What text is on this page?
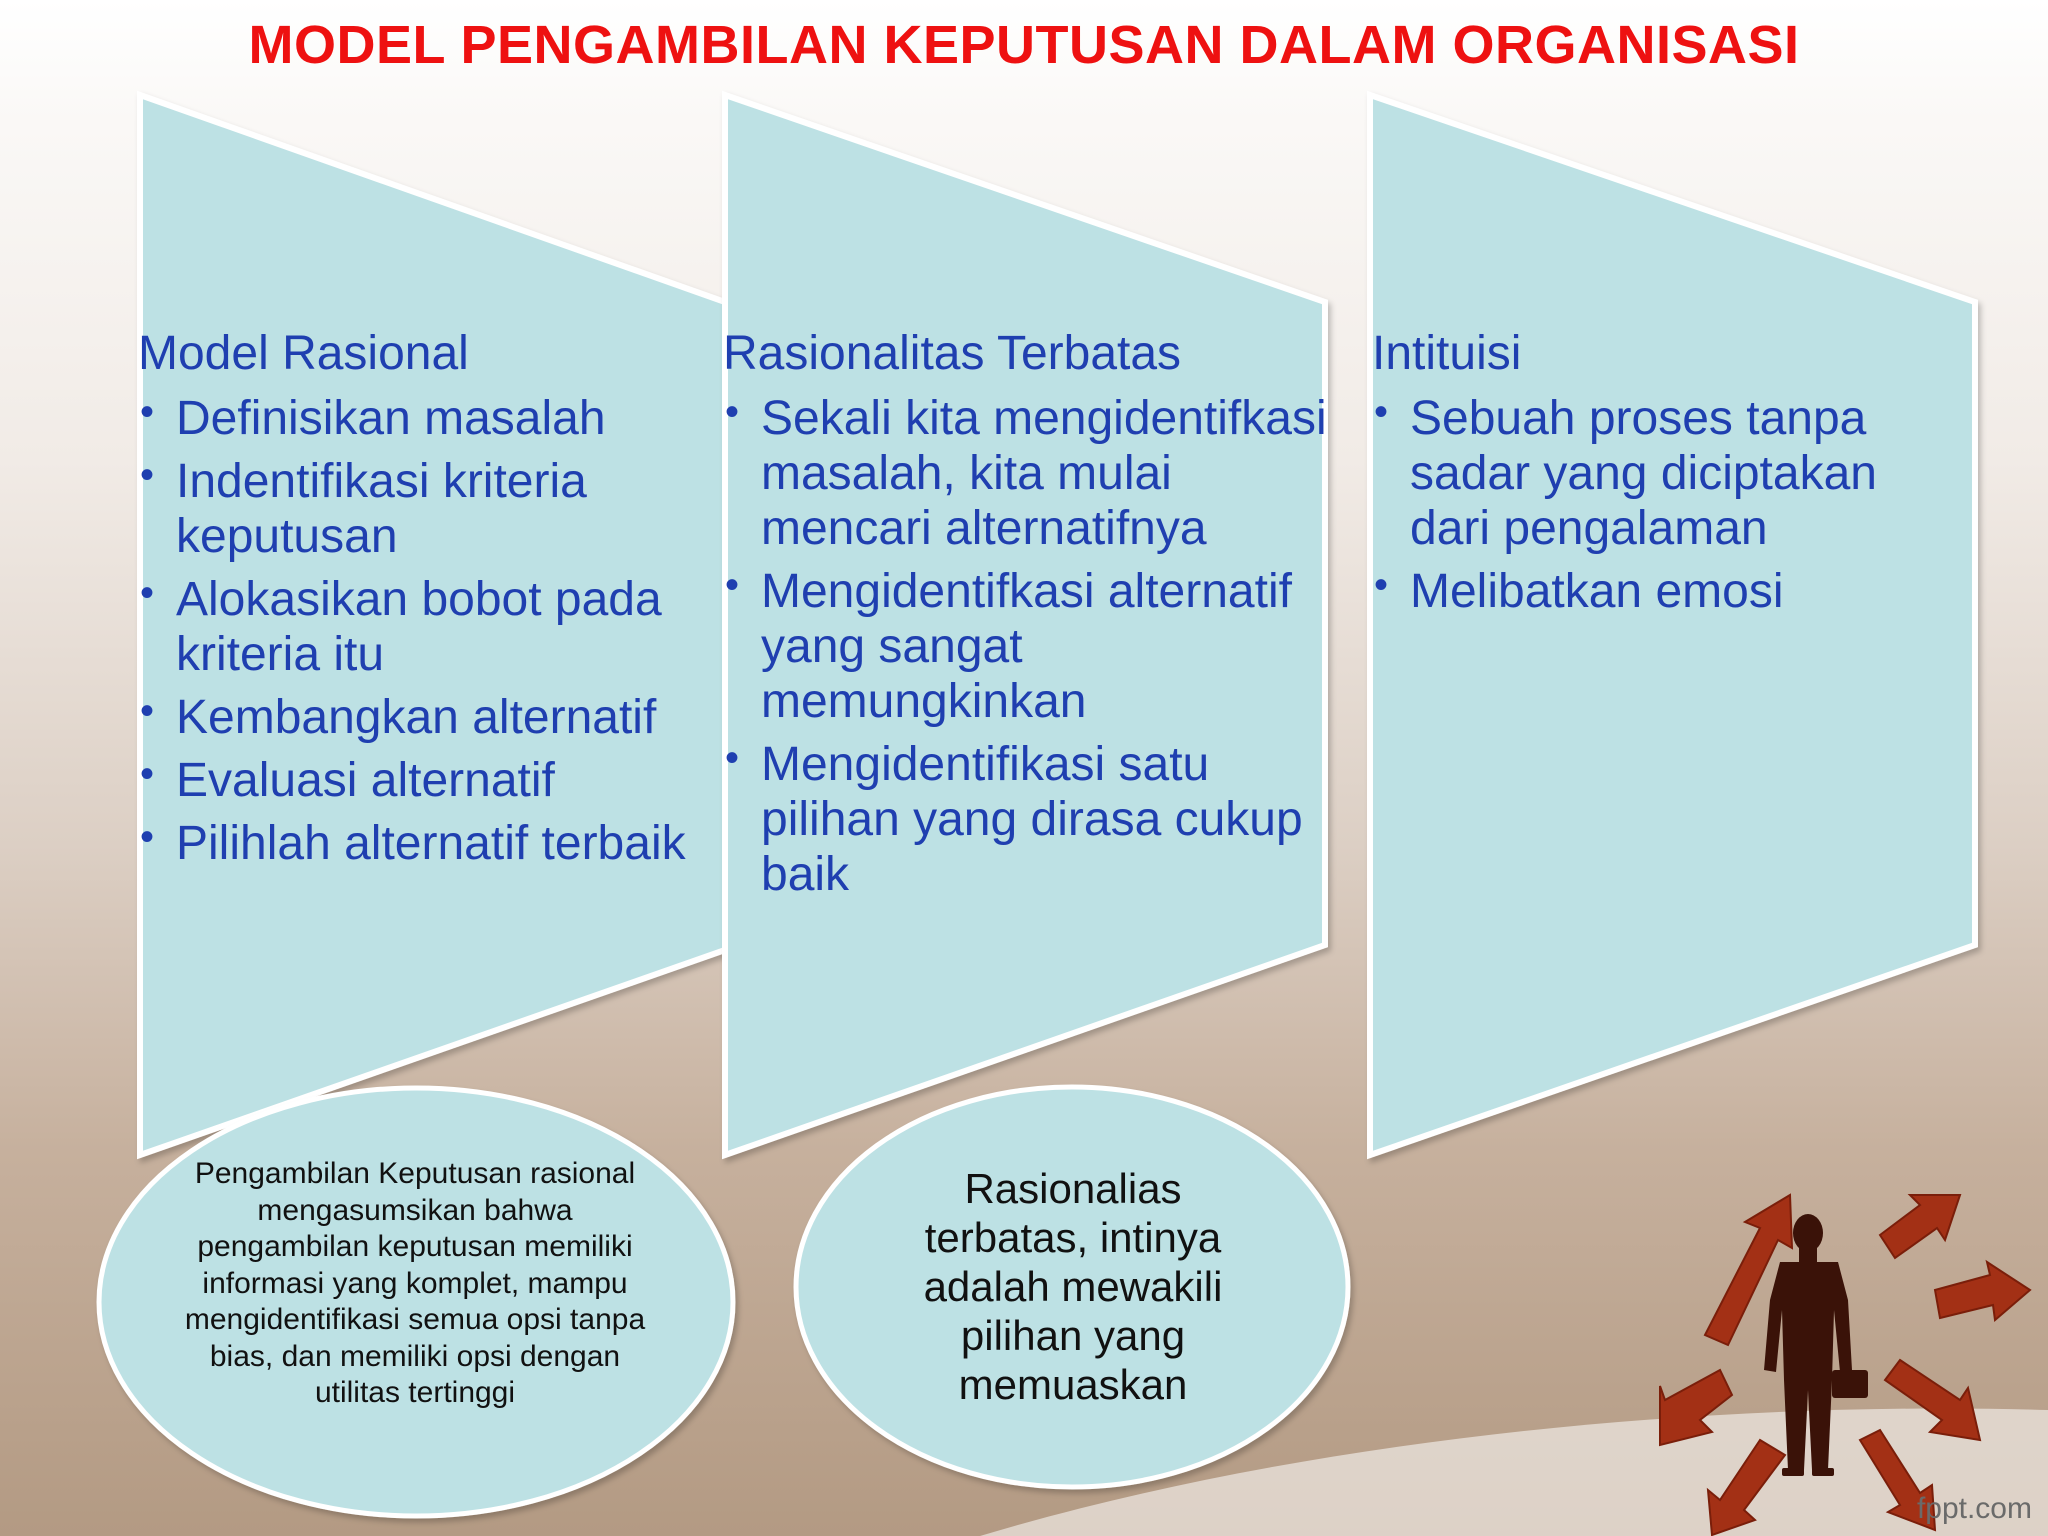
MODEL PENGAMBILAN KEPUTUSAN DALAM ORGANISASI
Model Rasional
• Definisikan masalah
• Indentifikasi kriteria keputusan
• Alokasikan bobot pada kriteria itu
• Kembangkan alternatif
• Evaluasi alternatif
• Pilihlah alternatif terbaik
Rasionalitas Terbatas
• Sekali kita mengidentifkasi masalah, kita mulai mencari alternatifnya
• Mengidentifkasi alternatif yang sangat memungkinkan
• Mengidentifikasi satu pilihan yang dirasa cukup baik
Intituisi
• Sebuah proses tanpa sadar yang diciptakan dari pengalaman
• Melibatkan emosi
Pengambilan Keputusan rasional mengasumsikan bahwa pengambilan keputusan memiliki informasi yang komplet, mampu mengidentifikasi semua opsi tanpa bias, dan memiliki opsi dengan utilitas tertinggi
Rasionalias terbatas, intinya adalah mewakili pilihan yang memuaskan
fppt.com
